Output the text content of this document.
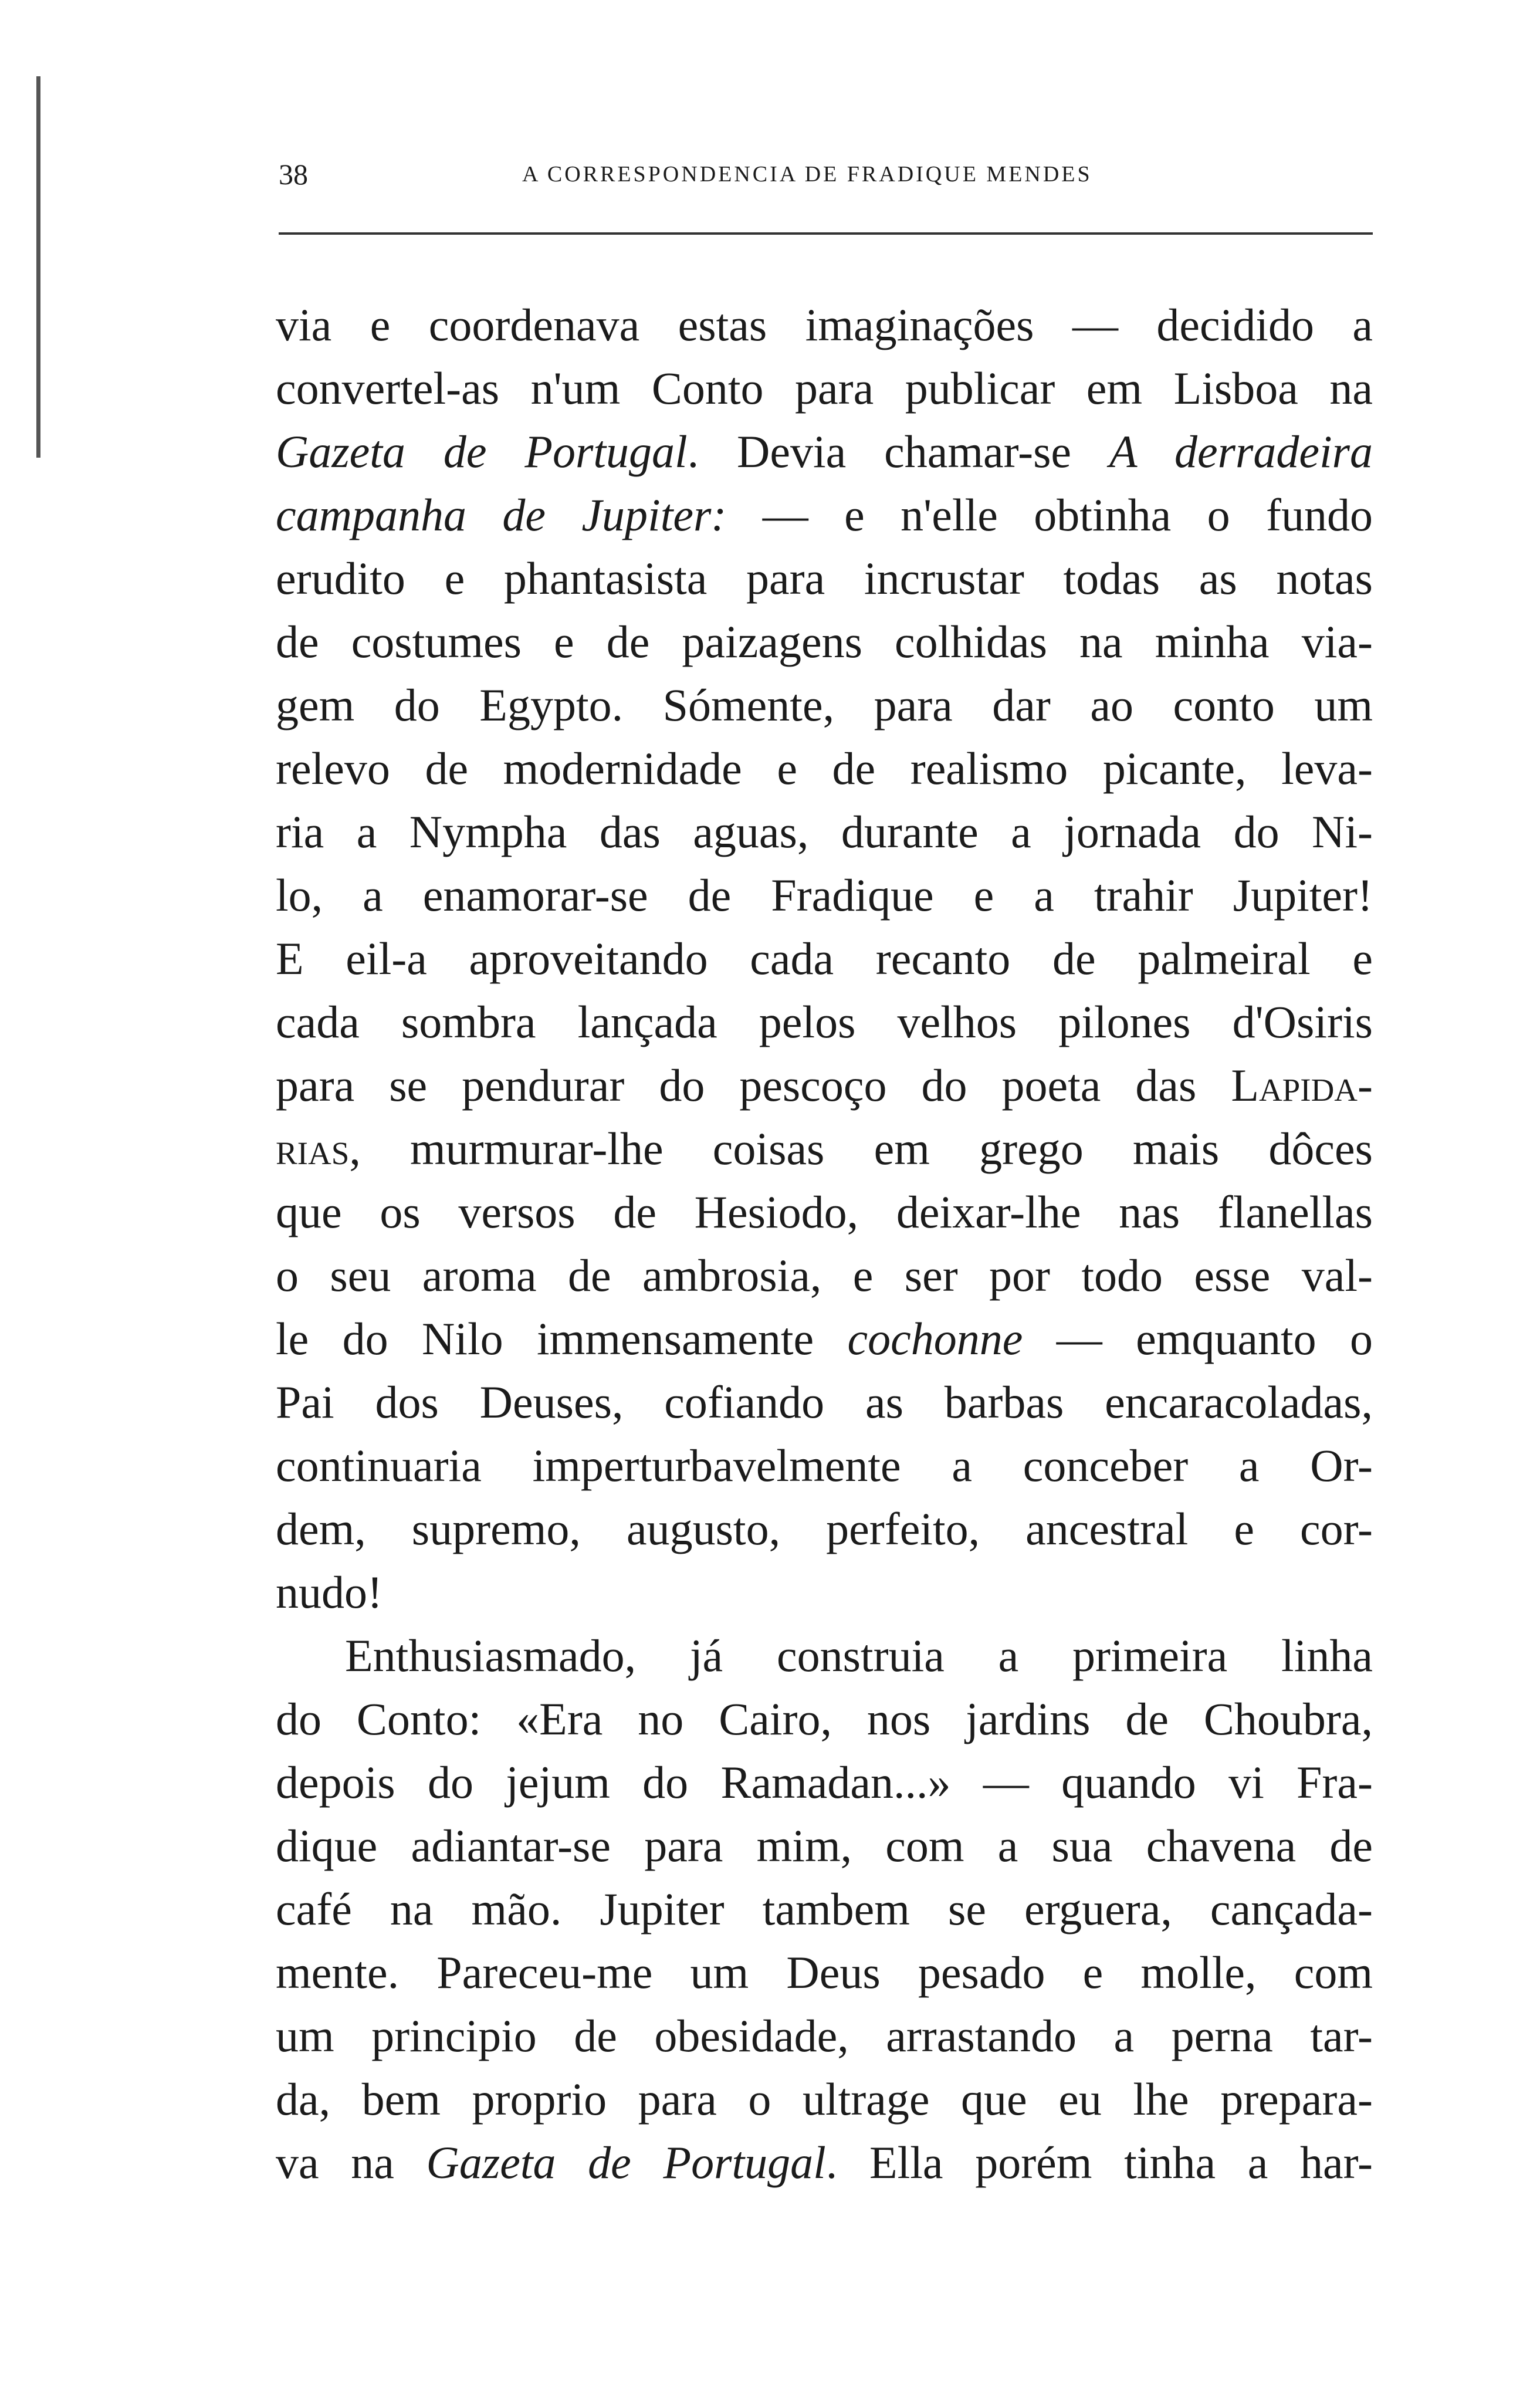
38	A CORRESPONDENCIA DE FRADIQUE MENDES
via e coordenava estas imaginações — decidido a
convertel-as n'um Conto para publicar em Lisboa na
Gazeta de Portugal. Devia chamar-se A derradeira
campanha de Jupiter: — e n'elle obtinha o fundo
erudito e phantasista para incrustar todas as notas
de costumes e de paizagens colhidas na minha via-
gem do Egypto. Sómente, para dar ao conto um
relevo de modernidade e de realismo picante, leva-
ria a Nympha das aguas, durante a jornada do Ni-
lo, a enamorar-se de Fradique e a trahir Jupiter!
E eil-a aproveitando cada recanto de palmeiral e
cada sombra lançada pelos velhos pilones d'Osiris
para se pendurar do pescoço do poeta das Lapida-
rias, murmurar-lhe coisas em grego mais dôces
que os versos de Hesiodo, deixar-lhe nas flanellas
o seu aroma de ambrosia, e ser por todo esse val-
le do Nilo immensamente cochonne — emquanto o
Pai dos Deuses, cofiando as barbas encaracoladas,
continuaria imperturbavelmente a conceber a Or-
dem, supremo, augusto, perfeito, ancestral e cor-
nudo!
Enthusiasmado, já construia a primeira linha
do Conto: «Era no Cairo, nos jardins de Choubra,
depois do jejum do Ramadan...» — quando vi Fra-
dique adiantar-se para mim, com a sua chavena de
café na mão. Jupiter tambem se erguera, cançada-
mente. Pareceu-me um Deus pesado e molle, com
um principio de obesidade, arrastando a perna tar-
da, bem proprio para o ultrage que eu lhe prepara-
va na Gazeta de Portugal. Ella porém tinha a har-
